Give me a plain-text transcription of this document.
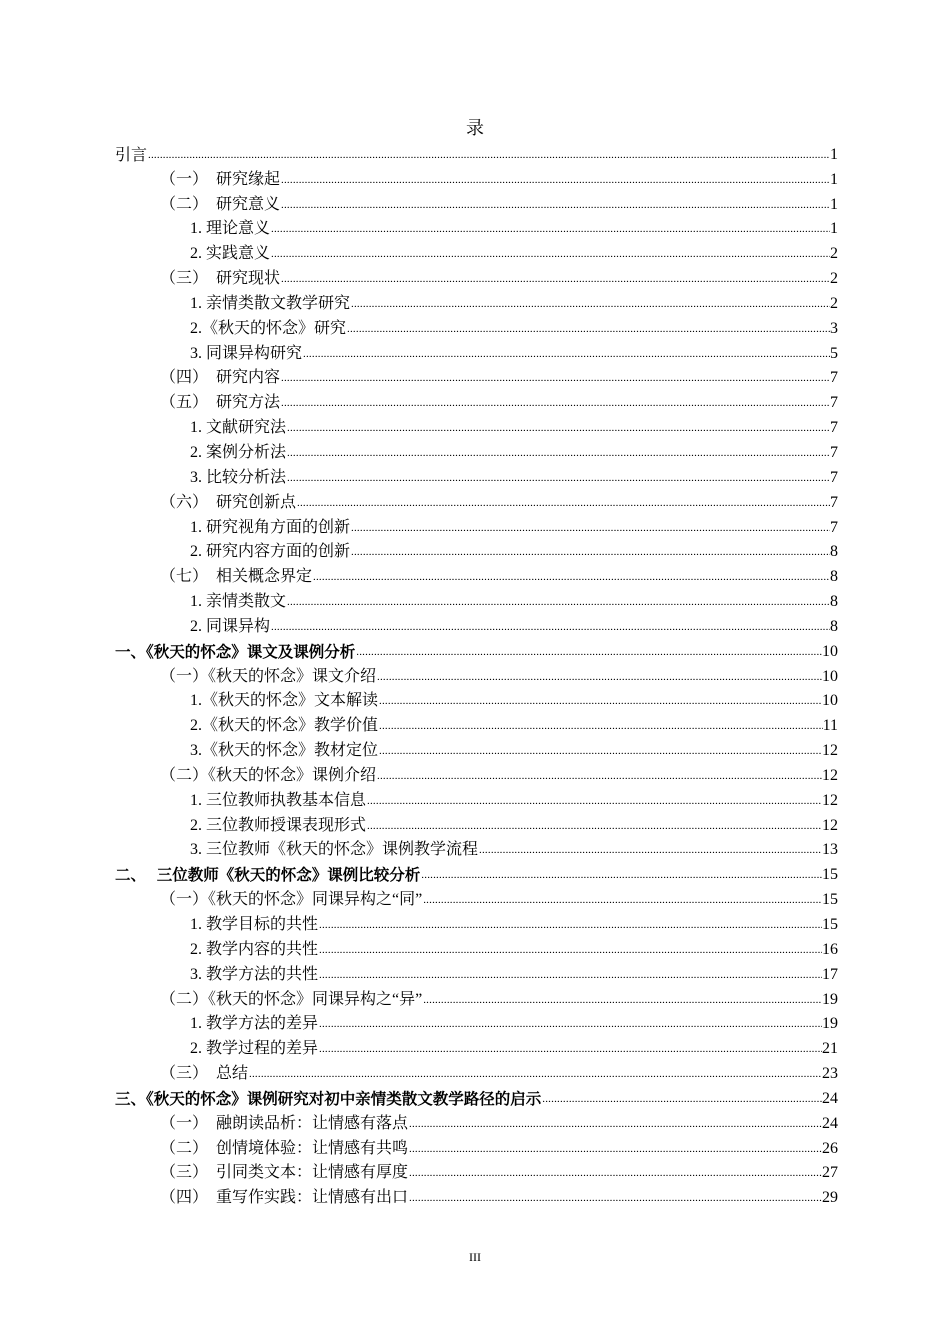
录
引言 .....	1
（一）  研究缘起 .....	1
（二）  研究意义 .....	1
1. 理论意义 .....	1
2. 实践意义 .....	2
（三）  研究现状 .....	2
1. 亲情类散文教学研究 .....	2
2.《秋天的怀念》研究 .....	3
3. 同课异构研究 .....	5
（四）  研究内容 .....	7
（五）  研究方法 .....	7
1. 文献研究法 .....	7
2. 案例分析法 .....	7
3. 比较分析法 .....	7
（六）  研究创新点 .....	7
1. 研究视角方面的创新 .....	7
2. 研究内容方面的创新 .....	8
（七）  相关概念界定 .....	8
1. 亲情类散文 .....	8
2. 同课异构 .....	8
一、《秋天的怀念》课文及课例分析 .....	10
（一）《秋天的怀念》课文介绍 .....	10
1.《秋天的怀念》文本解读 .....	10
2.《秋天的怀念》教学价值 .....	11
3.《秋天的怀念》教材定位 .....	12
（二）《秋天的怀念》课例介绍 .....	12
1. 三位教师执教基本信息 .....	12
2. 三位教师授课表现形式 .....	12
3. 三位教师《秋天的怀念》课例教学流程 .....	13
二、  三位教师《秋天的怀念》课例比较分析 .....	15
（一）《秋天的怀念》同课异构之“同” .....	15
1. 教学目标的共性 .....	15
2. 教学内容的共性 .....	16
3. 教学方法的共性 .....	17
（二）《秋天的怀念》同课异构之“异” .....	19
1. 教学方法的差异 .....	19
2. 教学过程的差异 .....	21
（三）  总结 .....	23
三、《秋天的怀念》课例研究对初中亲情类散文教学路径的启示 .....	24
（一）  融朗读品析：让情感有落点 .....	24
（二）  创情境体验：让情感有共鸣 .....	26
（三）  引同类文本：让情感有厚度 .....	27
（四）  重写作实践：让情感有出口 .....	29
III
